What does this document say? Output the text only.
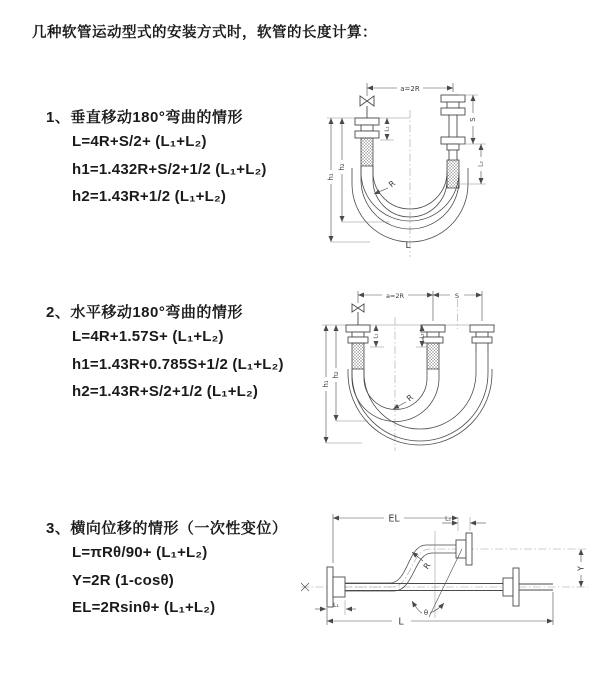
几种软管运动型式的安装方式时，软管的长度计算：
1、垂直移动180°弯曲的情形
L=4R+S/2+ (L₁+L₂)
h1=1.432R+S/2+1/2 (L₁+L₂)
h2=1.43R+1/2 (L₁+L₂)
2、水平移动180°弯曲的情形
L=4R+1.57S+ (L₁+L₂)
h1=1.43R+0.785S+1/2 (L₁+L₂)
h2=1.43R+S/2+1/2 (L₁+L₂)
3、横向位移的情形（一次性变位）
L=πRθ/90+ (L₁+L₂)
Y=2R (1-cosθ)
EL=2Rsinθ+ (L₁+L₂)
a=2R
h₁
h₂
L₁
S
L₂
R
L
a=2R	S
h₁
h₂
L₁	L₂
R
EL	L₂
Y
R
θ
L₁
L
